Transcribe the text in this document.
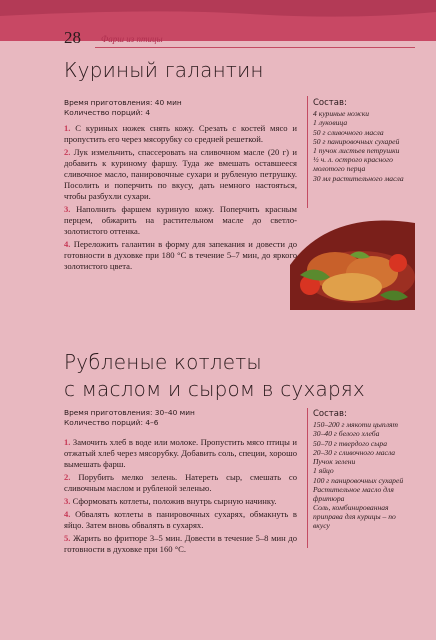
28 Фарш из птицы
Куриный галантин
Время приготовления: 40 мин
Количество порций: 4

1. С куриных ножек снять кожу. Срезать с костей мясо и пропустить его через мясорубку со средней решеткой.

2. Лук измельчить, спассеровать на сливочном масле (20 г) и добавить к куриному фаршу. Туда же вмешать оставшееся сливочное масло, панировочные сухари и рубленую петрушку. Посолить и поперчить по вкусу, дать немного настояться, чтобы разбухли сухари.

3. Наполнить фаршем куриную кожу. Поперчить красным перцем, обжарить на растительном масле до светло-золотистого оттенка.

4. Переложить галантин в форму для запекания и довести до готовности в духовке при 180 °С в течение 5–7 мин, до яркого золотистого цвета.

Состав:
4 куриные ножки
1 луковица
50 г сливочного масла
50 г панировочных сухарей
1 пучок листьев петрушки
½ ч. л. острого красного молотого перца
30 мл растительного масла
Рубленые котлеты
с маслом и сыром в сухарях
Время приготовления: 30–40 мин
Количество порций: 4–6

1. Замочить хлеб в воде или молоке. Пропустить мясо птицы и отжатый хлеб через мясорубку. Добавить соль, специи, хорошо вымешать фарш.

2. Порубить мелко зелень. Натереть сыр, смешать со сливочным маслом и рубленой зеленью.

3. Сформовать котлеты, положив внутрь сырную начинку.

4. Обвалять котлеты в панировочных сухарях, обмакнуть в яйцо. Затем вновь обвалять в сухарях.

5. Жарить во фритюре 3–5 мин. Довести в течение 5–8 мин до готовности в духовке при 160 °С.

Состав:
150–200 г мякоти цыплят
30–40 г белого хлеба
50–70 г твердого сыра
20–30 г сливочного масла
Пучок зелени
1 яйцо
100 г панировочных сухарей
Растительное масло для фритюра
Соль, комбинированная приправа для курицы – по вкусу
